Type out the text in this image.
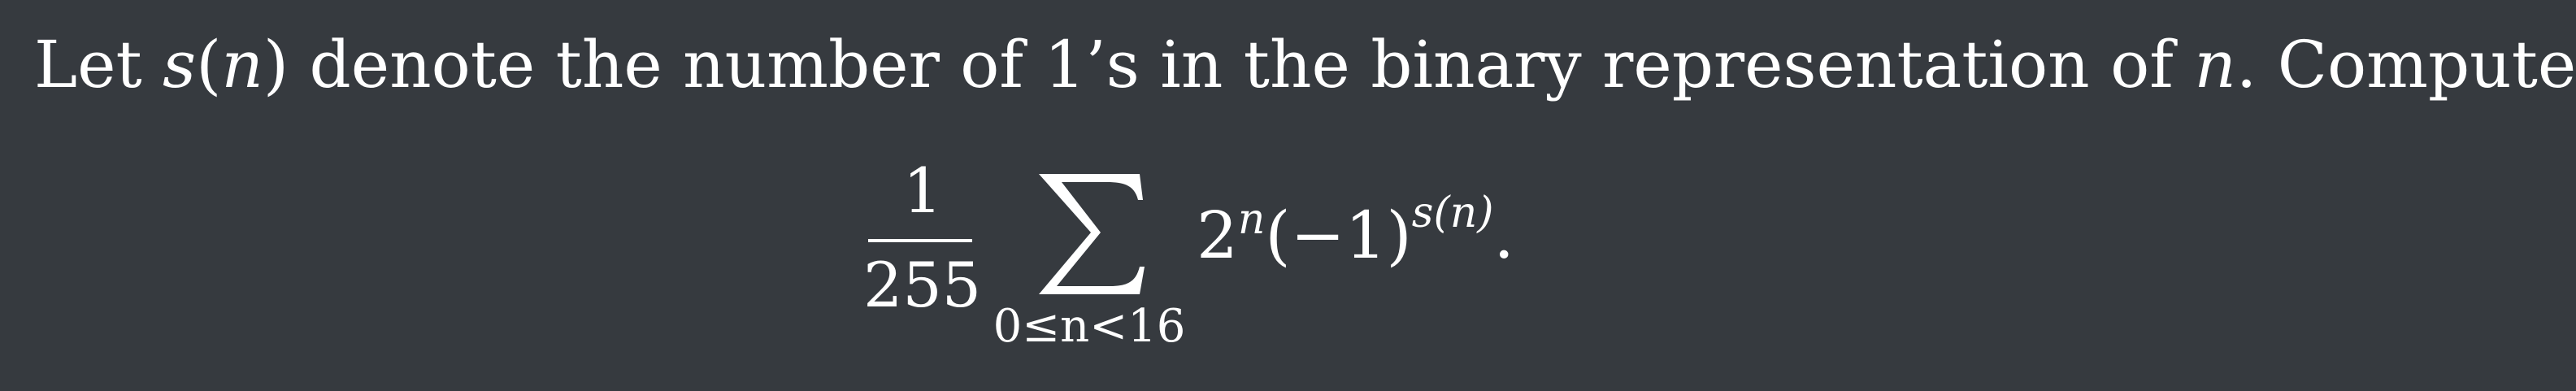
Let s(n) denote the number of 1’s in the binary representation of n. Compute
1
255
0≤n<16
$2^n(-1)^{s(n)}$.
